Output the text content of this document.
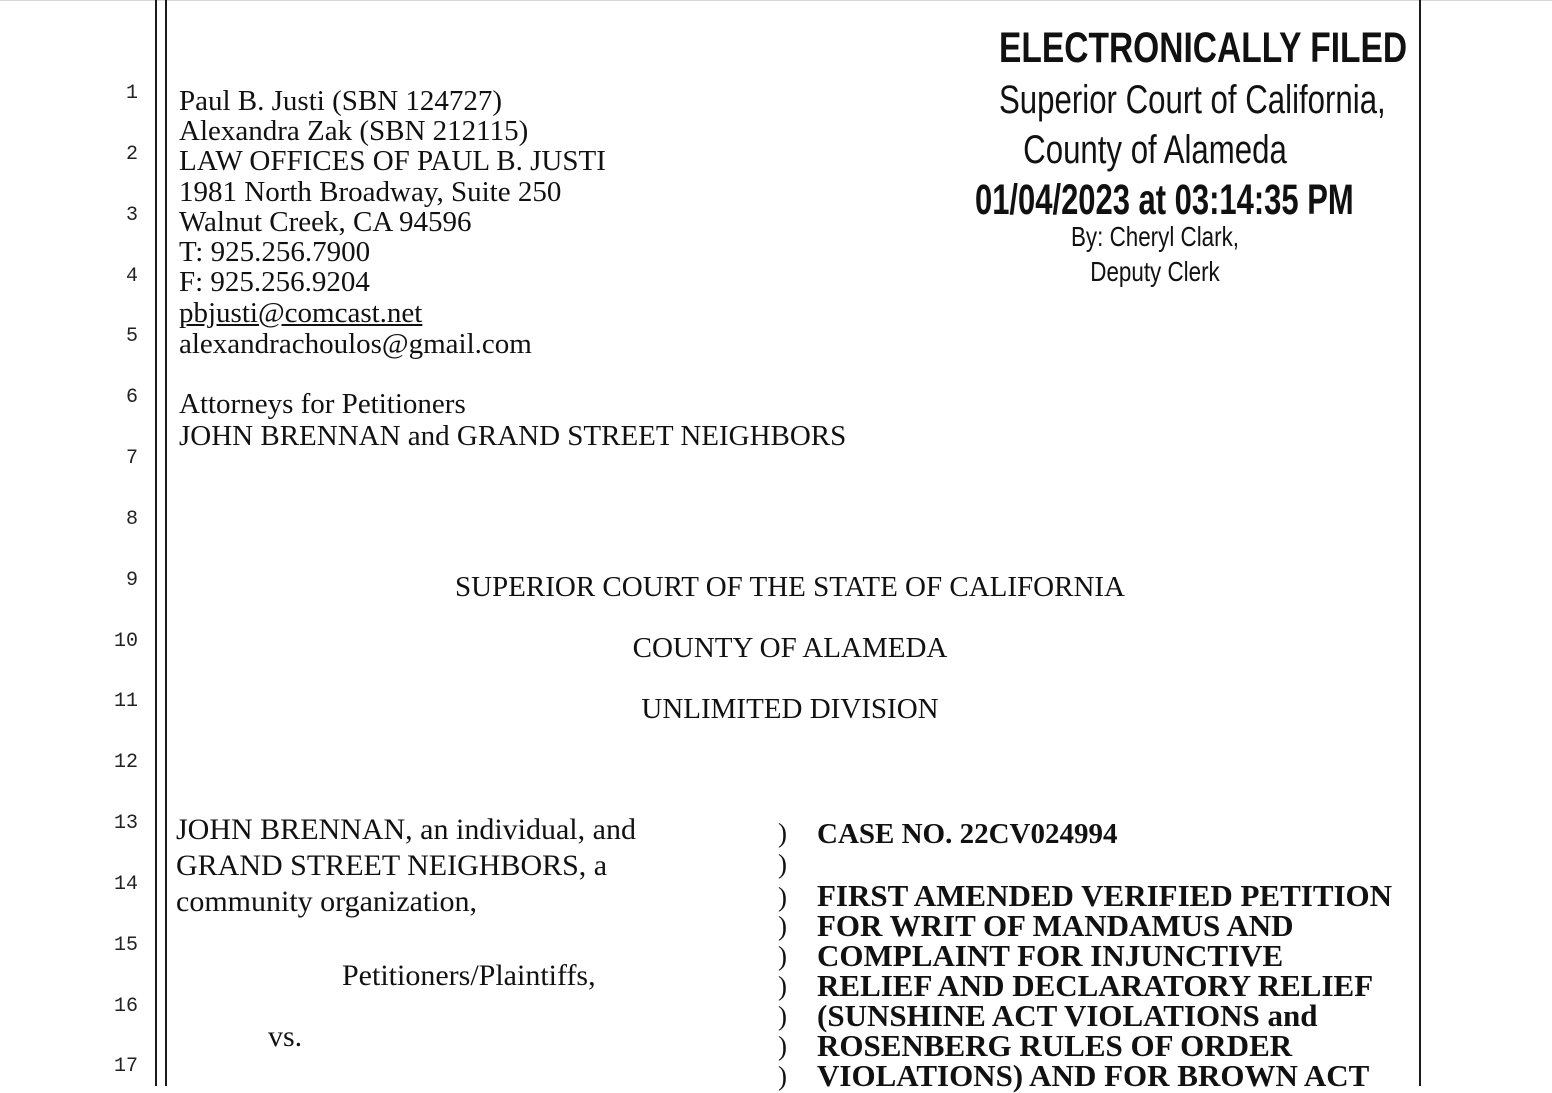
1
2
3
4
5
6
7
8
9
10
11
12
13
14
15
16
17
Paul B. Justi (SBN 124727)
Alexandra Zak (SBN 212115)
LAW OFFICES OF PAUL B. JUSTI
1981 North Broadway, Suite 250
Walnut Creek, CA 94596
T: 925.256.7900
F: 925.256.9204
pbjusti@comcast.net
alexandrachoulos@gmail.com
Attorneys for Petitioners
JOHN BRENNAN and GRAND STREET NEIGHBORS
ELECTRONICALLY FILED
Superior Court of California,
County of Alameda
01/04/2023 at 03:14:35 PM
By: Cheryl Clark,
Deputy Clerk
SUPERIOR COURT OF THE STATE OF CALIFORNIA
COUNTY OF ALAMEDA
UNLIMITED DIVISION
JOHN BRENNAN, an individual, and
GRAND STREET NEIGHBORS, a
community organization,
Petitioners/Plaintiffs,
vs.
)
)
)
)
)
)
)
)
)
CASE NO. 22CV024994
FIRST AMENDED VERIFIED PETITION
FOR WRIT OF MANDAMUS AND
COMPLAINT FOR INJUNCTIVE
RELIEF AND DECLARATORY RELIEF
(SUNSHINE ACT VIOLATIONS and
ROSENBERG RULES OF ORDER
VIOLATIONS) AND FOR BROWN ACT
